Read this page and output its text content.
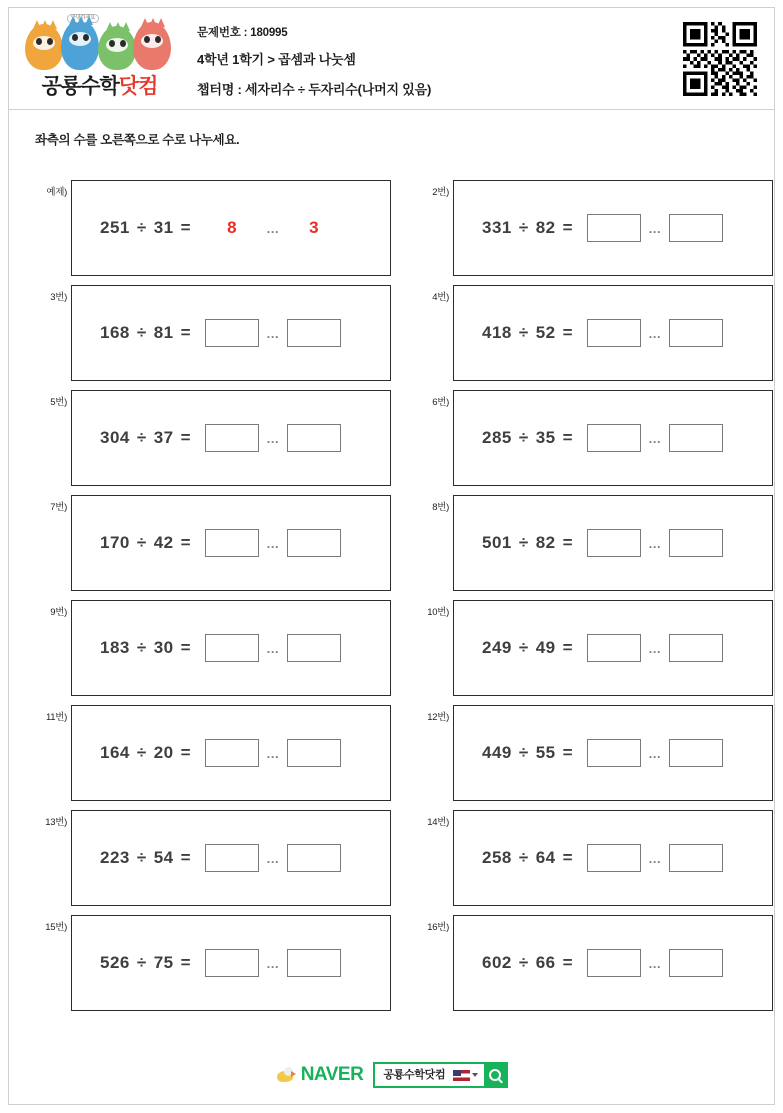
안녕하세요
공룡수학닷컴
문제번호 : 180995
4학년 1학기 > 곱셈과 나눗셈
챕터명 : 세자리수 ÷ 두자리수(나머지 있음)
좌측의 수를 오른쪽으로 수로 나누세요.
예제)
251 ÷ 31 =	8	…	3
2번)
331 ÷ 82 =	…
3번)
168 ÷ 81 =	…
4번)
418 ÷ 52 =	…
5번)
304 ÷ 37 =	…
6번)
285 ÷ 35 =	…
7번)
170 ÷ 42 =	…
8번)
501 ÷ 82 =	…
9번)
183 ÷ 30 =	…
10번)
249 ÷ 49 =	…
11번)
164 ÷ 20 =	…
12번)
449 ÷ 55 =	…
13번)
223 ÷ 54 =	…
14번)
258 ÷ 64 =	…
15번)
526 ÷ 75 =	…
16번)
602 ÷ 66 =	…
NAVER	공룡수학닷컴
